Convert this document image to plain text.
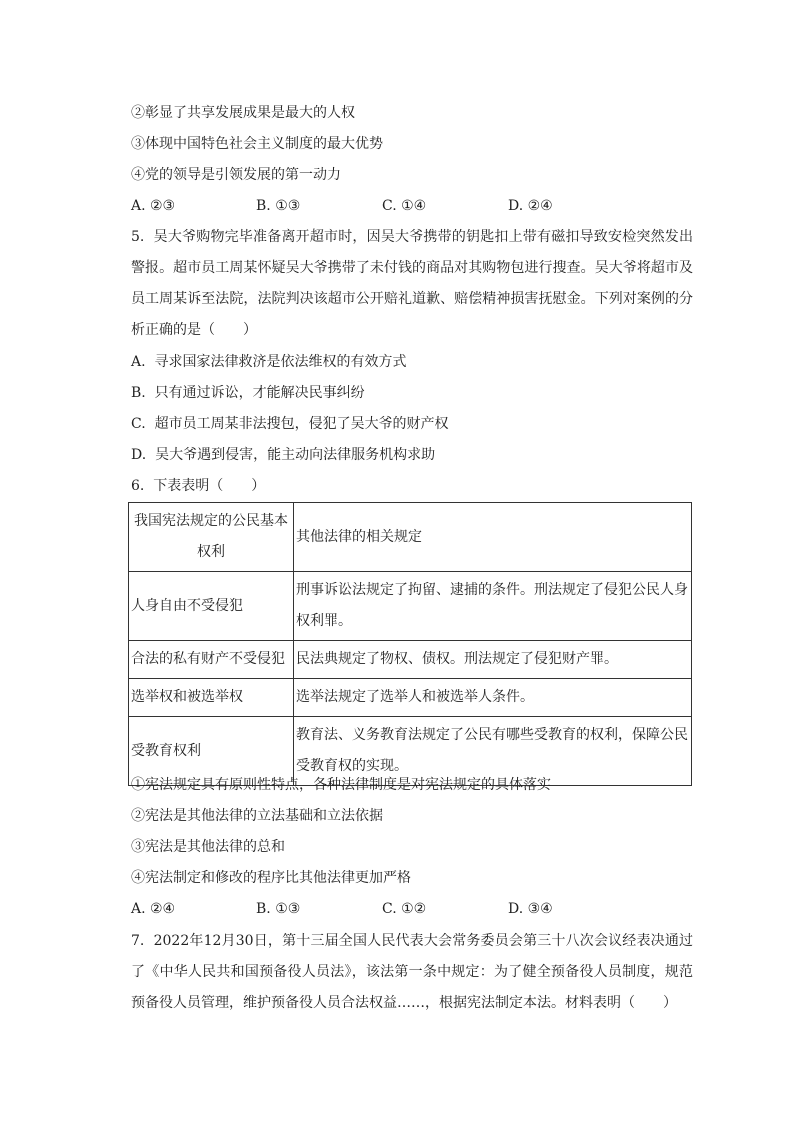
②彰显了共享发展成果是最大的人权
③体现中国特色社会主义制度的最大优势
④党的领导是引领发展的第一动力
A. ②③	B. ①③	C. ①④	D. ②④
5.  吴大爷购物完毕准备离开超市时，因吴大爷携带的钥匙扣上带有磁扣导致安检突然发出警报。超市员工周某怀疑吴大爷携带了未付钱的商品对其购物包进行搜查。吴大爷将超市及员工周某诉至法院，法院判决该超市公开赔礼道歉、赔偿精神损害抚慰金。下列对案例的分析正确的是（　　）
A.  寻求国家法律救济是依法维权的有效方式
B.  只有通过诉讼，才能解决民事纠纷
C.  超市员工周某非法搜包，侵犯了吴大爷的财产权
D.  吴大爷遇到侵害，能主动向法律服务机构求助
6.  下表表明（　　）
我国宪法规定的公民基本权利	其他法律的相关规定
人身自由不受侵犯	刑事诉讼法规定了拘留、逮捕的条件。刑法规定了侵犯公民人身权利罪。
合法的私有财产不受侵犯	民法典规定了物权、债权。刑法规定了侵犯财产罪。
选举权和被选举权	选举法规定了选举人和被选举人条件。
受教育权利	教育法、义务教育法规定了公民有哪些受教育的权利，保障公民受教育权的实现。
①宪法规定具有原则性特点，各种法律制度是对宪法规定的具体落实
②宪法是其他法律的立法基础和立法依据
③宪法是其他法律的总和
④宪法制定和修改的程序比其他法律更加严格
A. ②④	B. ①③	C. ①②	D. ③④
7.  2022年12月30日，第十三届全国人民代表大会常务委员会第三十八次会议经表决通过了《中华人民共和国预备役人员法》，该法第一条中规定：为了健全预备役人员制度，规范预备役人员管理，维护预备役人员合法权益……，根据宪法制定本法。材料表明（　　）
